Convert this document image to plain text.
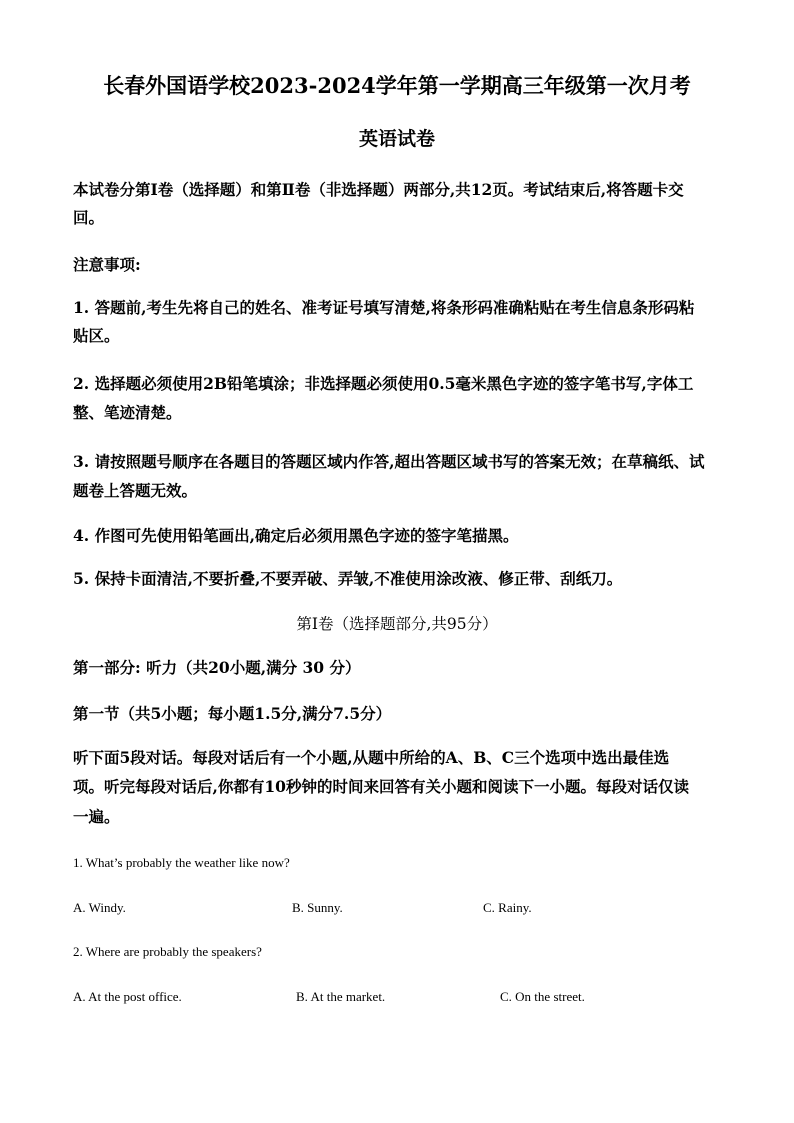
长春外国语学校2023-2024学年第一学期高三年级第一次月考
英语试卷
本试卷分第Ⅰ卷（选择题）和第Ⅱ卷（非选择题）两部分,共12页。考试结束后,将答题卡交
回。
注意事项:
1. 答题前,考生先将自己的姓名、准考证号填写清楚,将条形码准确粘贴在考生信息条形码粘
贴区。
2. 选择题必须使用2B铅笔填涂；非选择题必须使用0.5毫米黑色字迹的签字笔书写,字体工
整、笔迹清楚。
3. 请按照题号顺序在各题目的答题区域内作答,超出答题区域书写的答案无效；在草稿纸、试
题卷上答题无效。
4. 作图可先使用铅笔画出,确定后必须用黑色字迹的签字笔描黑。
5. 保持卡面清洁,不要折叠,不要弄破、弄皱,不准使用涂改液、修正带、刮纸刀。
第Ⅰ卷（选择题部分,共95分）
第一部分: 听力（共20小题,满分 30 分）
第一节（共5小题；每小题1.5分,满分7.5分）
听下面5段对话。每段对话后有一个小题,从题中所给的A、B、C三个选项中选出最佳选
项。听完每段对话后,你都有10秒钟的时间来回答有关小题和阅读下一小题。每段对话仅读
一遍。
1. What’s probably the weather like now?
A. Windy.	B. Sunny.	C. Rainy.
2. Where are probably the speakers?
A. At the post office.	B. At the market.	C. On the street.
